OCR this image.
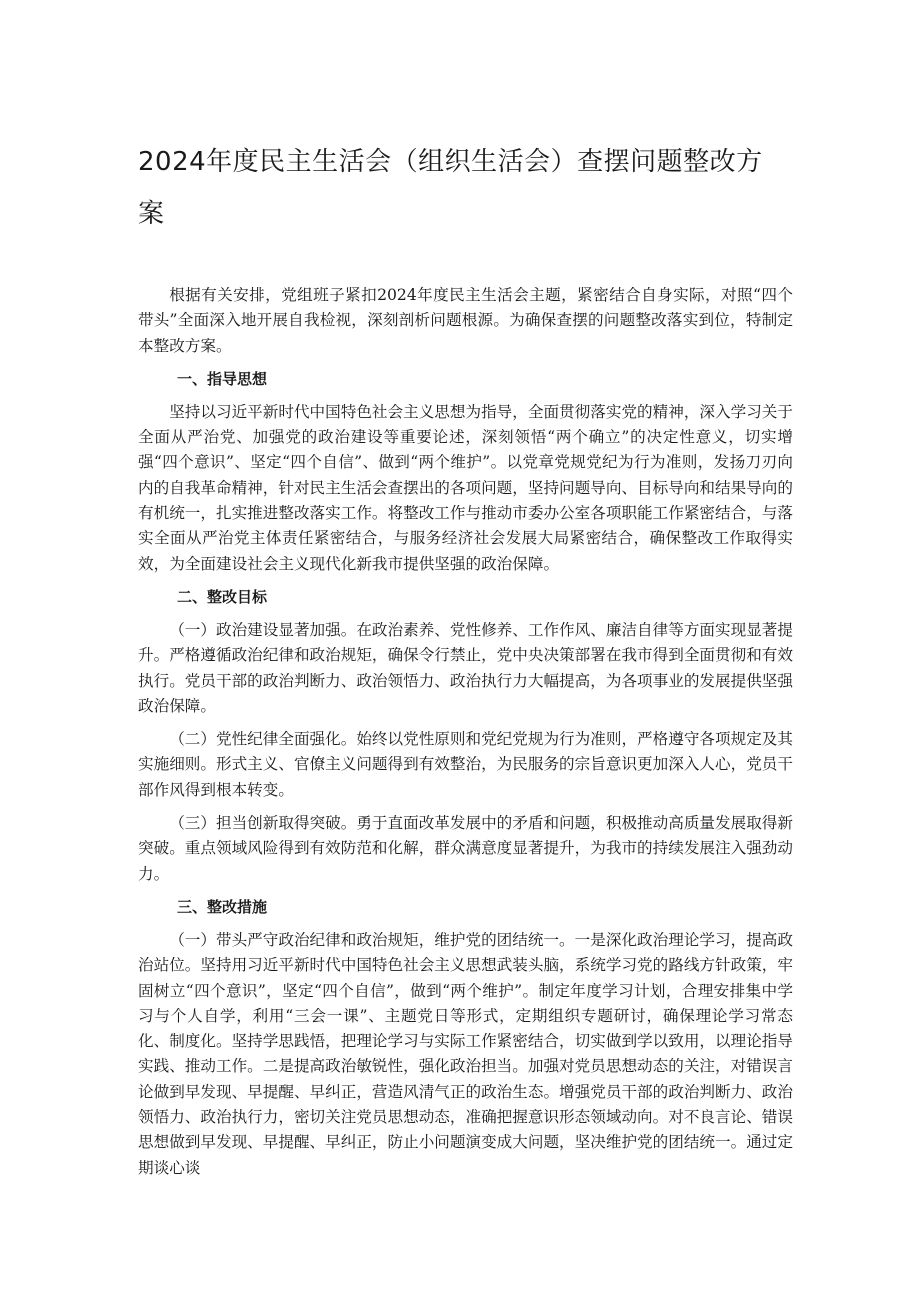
2024年度民主生活会（组织生活会）查摆问题整改方案

根据有关安排，党组班子紧扣2024年度民主生活会主题，紧密结合自身实际，对照“四个带头”全面深入地开展自我检视，深刻剖析问题根源。为确保查摆的问题整改落实到位，特制定本整改方案。

一、指导思想

坚持以习近平新时代中国特色社会主义思想为指导，全面贯彻落实党的精神，深入学习关于全面从严治党、加强党的政治建设等重要论述，深刻领悟“两个确立”的决定性意义，切实增强“四个意识”、坚定“四个自信”、做到“两个维护”。以党章党规党纪为行为准则，发扬刀刃向内的自我革命精神，针对民主生活会查摆出的各项问题，坚持问题导向、目标导向和结果导向的有机统一，扎实推进整改落实工作。将整改工作与推动市委办公室各项职能工作紧密结合，与落实全面从严治党主体责任紧密结合，与服务经济社会发展大局紧密结合，确保整改工作取得实效，为全面建设社会主义现代化新我市提供坚强的政治保障。

二、整改目标

（一）政治建设显著加强。在政治素养、党性修养、工作作风、廉洁自律等方面实现显著提升。严格遵循政治纪律和政治规矩，确保令行禁止，党中央决策部署在我市得到全面贯彻和有效执行。党员干部的政治判断力、政治领悟力、政治执行力大幅提高，为各项事业的发展提供坚强政治保障。

（二）党性纪律全面强化。始终以党性原则和党纪党规为行为准则，严格遵守各项规定及其实施细则。形式主义、官僚主义问题得到有效整治，为民服务的宗旨意识更加深入人心，党员干部作风得到根本转变。

（三）担当创新取得突破。勇于直面改革发展中的矛盾和问题，积极推动高质量发展取得新突破。重点领域风险得到有效防范和化解，群众满意度显著提升，为我市的持续发展注入强劲动力。

三、整改措施

（一）带头严守政治纪律和政治规矩，维护党的团结统一。一是深化政治理论学习，提高政治站位。坚持用习近平新时代中国特色社会主义思想武装头脑，系统学习党的路线方针政策，牢固树立“四个意识”，坚定“四个自信”，做到“两个维护”。制定年度学习计划，合理安排集中学习与个人自学，利用“三会一课”、主题党日等形式，定期组织专题研讨，确保理论学习常态化、制度化。坚持学思践悟，把理论学习与实际工作紧密结合，切实做到学以致用，以理论指导实践、推动工作。二是提高政治敏锐性，强化政治担当。加强对党员思想动态的关注，对错误言论做到早发现、早提醒、早纠正，营造风清气正的政治生态。增强党员干部的政治判断力、政治领悟力、政治执行力，密切关注党员思想动态，准确把握意识形态领域动向。对不良言论、错误思想做到早发现、早提醒、早纠正，防止小问题演变成大问题，坚决维护党的团结统一。通过定期谈心谈
